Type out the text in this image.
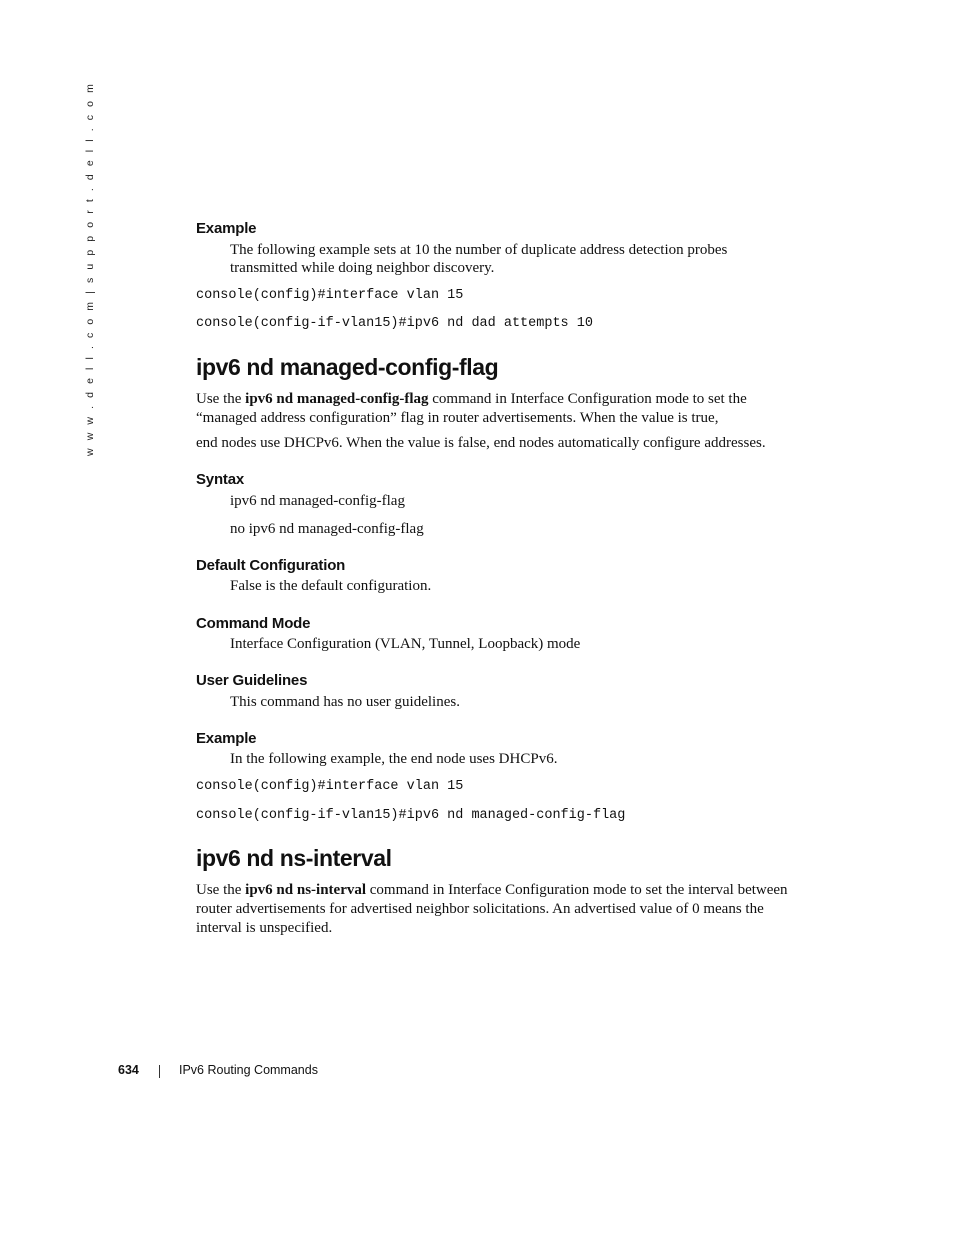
w w w . d e l l . c o m | s u p p o r t . d e l l . c o m	Example
The following example sets at 10 the number of duplicate address detection probes
transmitted while doing neighbor discovery.
console(config)#interface vlan 15
console(config-if-vlan15)#ipv6 nd dad attempts 10
ipv6 nd managed-config-flag
Use the ipv6 nd managed-config-flag command in Interface Configuration mode to set the
“managed address configuration” flag in router advertisements. When the value is true,
end nodes use DHCPv6. When the value is false, end nodes automatically configure addresses.
Syntax
ipv6 nd managed-config-flag
no ipv6 nd managed-config-flag
Default Configuration
False is the default configuration.
Command Mode
Interface Configuration (VLAN, Tunnel, Loopback) mode
User Guidelines
This command has no user guidelines.
Example
In the following example, the end node uses DHCPv6.
console(config)#interface vlan 15
console(config-if-vlan15)#ipv6 nd managed-config-flag
ipv6 nd ns-interval
Use the ipv6 nd ns-interval command in Interface Configuration mode to set the interval between
router advertisements for advertised neighbor solicitations. An advertised value of 0 means the
interval is unspecified.
634	IPv6 Routing Commands
